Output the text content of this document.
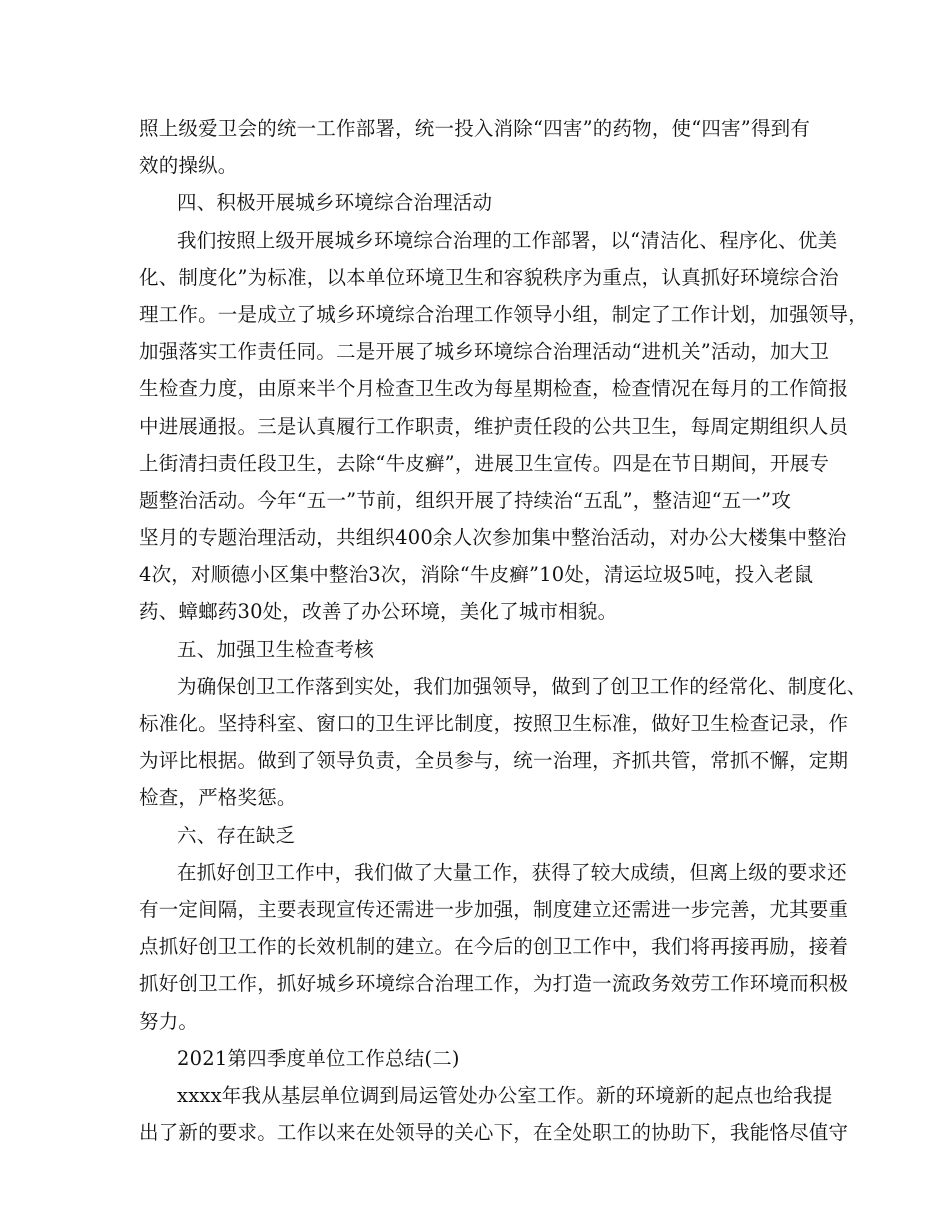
照上级爱卫会的统一工作部署，统一投入消除“四害”的药物，使“四害”得到有
效的操纵。
四、积极开展城乡环境综合治理活动
我们按照上级开展城乡环境综合治理的工作部署，以“清洁化、程序化、优美
化、制度化”为标准，以本单位环境卫生和容貌秩序为重点，认真抓好环境综合治
理工作。一是成立了城乡环境综合治理工作领导小组，制定了工作计划，加强领导，
加强落实工作责任同。二是开展了城乡环境综合治理活动“进机关”活动，加大卫
生检查力度，由原来半个月检查卫生改为每星期检查，检查情况在每月的工作简报
中进展通报。三是认真履行工作职责，维护责任段的公共卫生，每周定期组织人员
上街清扫责任段卫生，去除“牛皮癣”，进展卫生宣传。四是在节日期间，开展专
题整治活动。今年“五一”节前，组织开展了持续治“五乱”，整洁迎“五一”攻
坚月的专题治理活动，共组织400余人次参加集中整治活动，对办公大楼集中整治
4次，对顺德小区集中整治3次，消除“牛皮癣”10处，清运垃圾5吨，投入老鼠
药、蟑螂药30处，改善了办公环境，美化了城市相貌。
五、加强卫生检查考核
为确保创卫工作落到实处，我们加强领导，做到了创卫工作的经常化、制度化、
标准化。坚持科室、窗口的卫生评比制度，按照卫生标准，做好卫生检查记录，作
为评比根据。做到了领导负责，全员参与，统一治理，齐抓共管，常抓不懈，定期
检查，严格奖惩。
六、存在缺乏
在抓好创卫工作中，我们做了大量工作，获得了较大成绩，但离上级的要求还
有一定间隔，主要表现宣传还需进一步加强，制度建立还需进一步完善，尤其要重
点抓好创卫工作的长效机制的建立。在今后的创卫工作中，我们将再接再励，接着
抓好创卫工作，抓好城乡环境综合治理工作，为打造一流政务效劳工作环境而积极
努力。
2021第四季度单位工作总结(二)
xxxx年我从基层单位调到局运管处办公室工作。新的环境新的起点也给我提
出了新的要求。工作以来在处领导的关心下，在全处职工的协助下，我能恪尽值守
